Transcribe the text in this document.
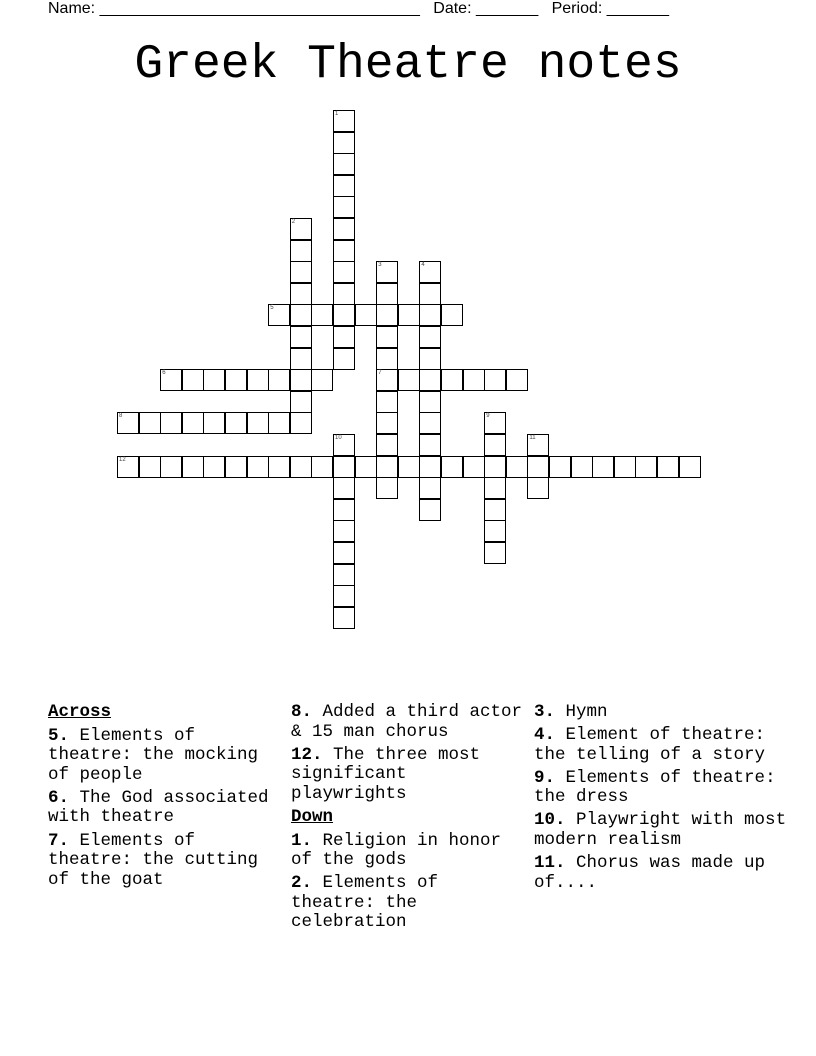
Name: ____________________________________ Date: _______ Period: _______
Greek Theatre notes
1
2
3
7
4
5
6
8	9
10	11
12
Across
5. Elements of theatre: the mocking of people
6. The God associated with theatre
7. Elements of theatre: the cutting of the goat
8. Added a third actor & 15 man chorus
12. The three most significant playwrights
Down
1. Religion in honor of the gods
2. Elements of theatre: the celebration
3. Hymn
4. Element of theatre: the telling of a story
9. Elements of theatre: the dress
10. Playwright with most modern realism
11. Chorus was made up of....
